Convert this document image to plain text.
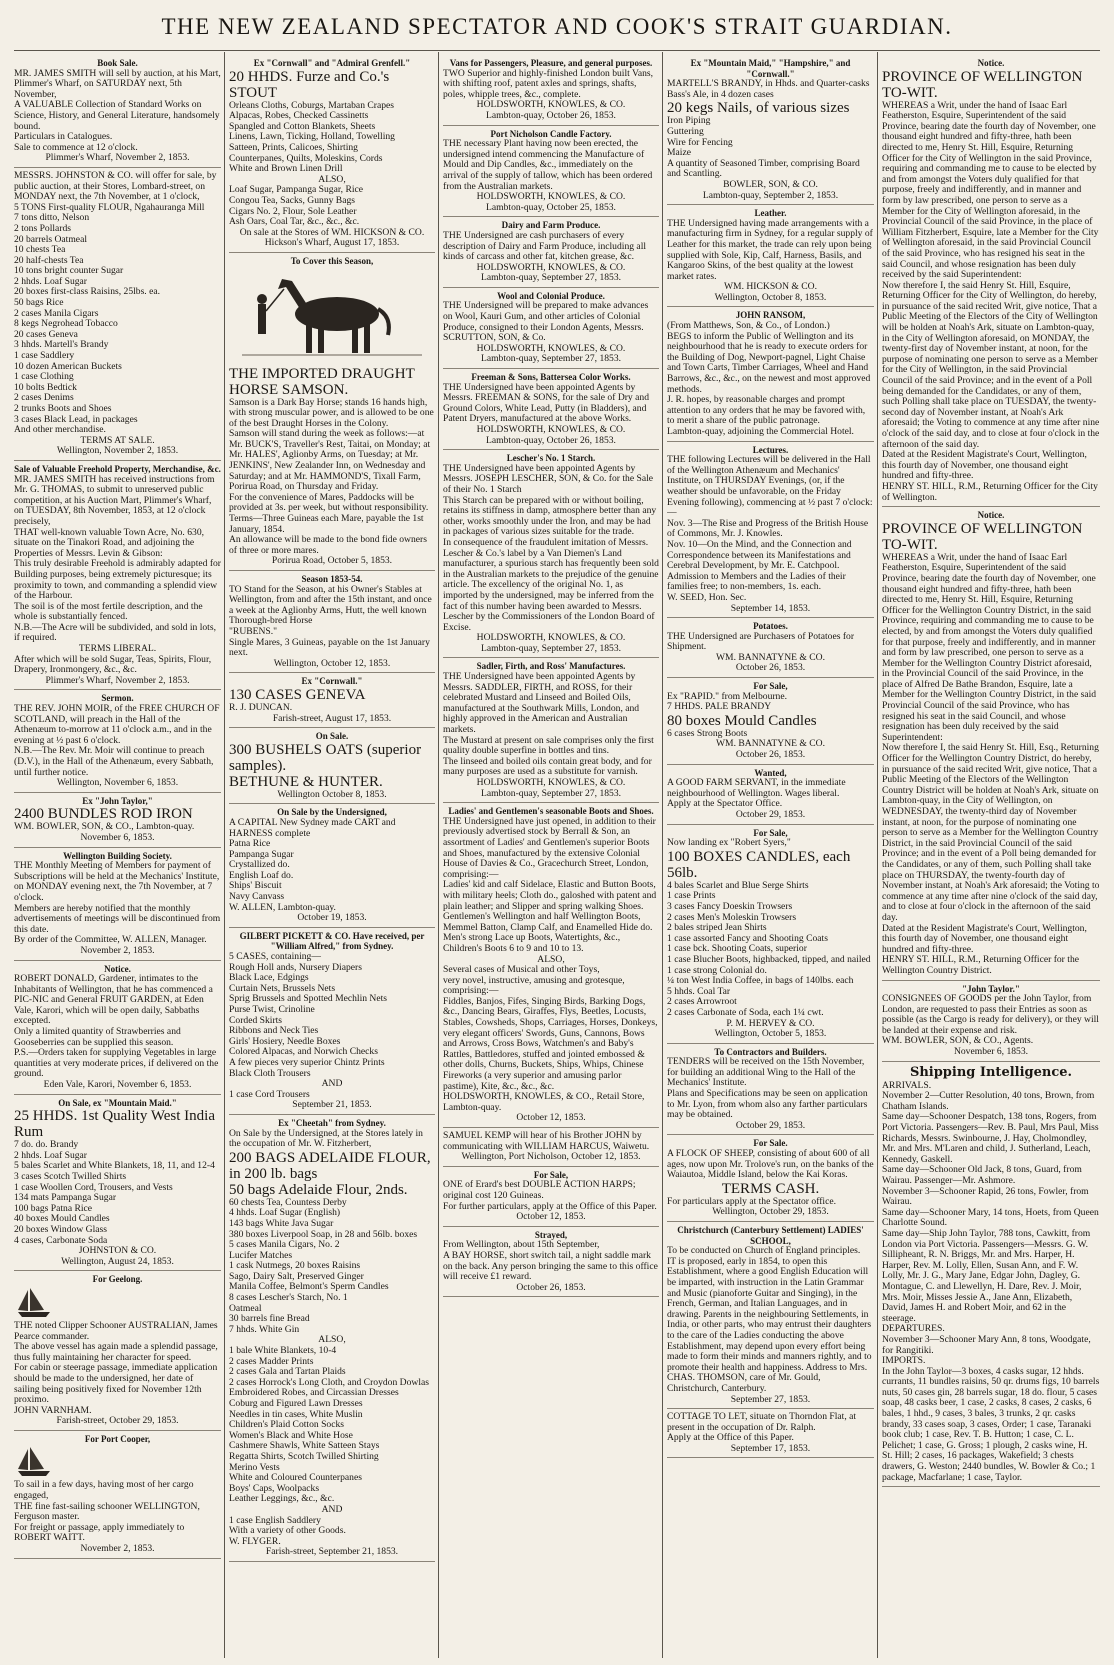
THE NEW ZEALAND SPECTATOR AND COOK'S STRAIT GUARDIAN.
Book Sale.

MR. JAMES SMITH will sell by auction, at his Mart, Plimmer's Wharf, on SATURDAY next, 5th November,

A VALUABLE Collection of Standard Works on Science, History, and General Literature, handsomely bound.

Particulars in Catalogues.

Sale to commence at 12 o'clock.

Plimmer's Wharf, November 2, 1853.

MESSRS. JOHNSTON & CO. will offer for sale, by public auction, at their Stores, Lombard-street, on MONDAY next, the 7th November, at 1 o'clock,

5 TONS First-quality FLOUR, Ngahauranga Mill

7 tons ditto, Nelson

2 tons Pollards

20 barrels Oatmeal

10 chests Tea

20 half-chests Tea

10 tons bright counter Sugar

2 hhds. Loaf Sugar

20 boxes first-class Raisins, 25lbs. ea.

50 bags Rice

2 cases Manila Cigars

8 kegs Negrohead Tobacco

20 cases Geneva

3 hhds. Martell's Brandy

1 case Saddlery

10 dozen American Buckets

1 case Clothing

10 bolts Bedtick

2 cases Denims

2 trunks Boots and Shoes

3 cases Black Lead, in packages

And other merchandise.

TERMS AT SALE.

Wellington, November 2, 1853.

Sale of Valuable Freehold Property, Merchandise, &c.

MR. JAMES SMITH has received instructions from Mr. G. THOMAS, to submit to unreserved public competition, at his Auction Mart, Plimmer's Wharf, on TUESDAY, 8th November, 1853, at 12 o'clock precisely,

THAT well-known valuable Town Acre, No. 630, situate on the Tinakori Road, and adjoining the Properties of Messrs. Levin & Gibson:

This truly desirable Freehold is admirably adapted for Building purposes, being extremely picturesque; its proximity to town, and commanding a splendid view of the Harbour.

The soil is of the most fertile description, and the whole is substantially fenced.

N.B.—The Acre will be subdivided, and sold in lots, if required.

TERMS LIBERAL.

After which will be sold Sugar, Teas, Spirits, Flour, Drapery, Ironmongery, &c., &c.

Plimmer's Wharf, November 2, 1853.

Sermon.

THE REV. JOHN MOIR, of the FREE CHURCH OF SCOTLAND, will preach in the Hall of the Athenæum to-morrow at 11 o'clock a.m., and in the evening at ½ past 6 o'clock.

N.B.—The Rev. Mr. Moir will continue to preach (D.V.), in the Hall of the Athenæum, every Sabbath, until further notice.

Wellington, November 6, 1853.

Ex "John Taylor,"

2400 BUNDLES ROD IRON

WM. BOWLER, SON, & CO., Lambton-quay.

November 6, 1853.

Wellington Building Society.

THE Monthly Meeting of Members for payment of Subscriptions will be held at the Mechanics' Institute, on MONDAY evening next, the 7th November, at 7 o'clock.

Members are hereby notified that the monthly advertisements of meetings will be discontinued from this date.

By order of the Committee, W. ALLEN, Manager.

November 2, 1853.

Notice.

ROBERT DONALD, Gardener, intimates to the Inhabitants of Wellington, that he has commenced a PIC-NIC and General FRUIT GARDEN, at Eden Vale, Karori, which will be open daily, Sabbaths excepted.

Only a limited quantity of Strawberries and Gooseberries can be supplied this season.

P.S.—Orders taken for supplying Vegetables in large quantities at very moderate prices, if delivered on the ground.

Eden Vale, Karori, November 6, 1853.

On Sale, ex "Mountain Maid."

25 HHDS. 1st Quality West India Rum

7 do. do. Brandy

2 hhds. Loaf Sugar

5 bales Scarlet and White Blankets, 18, 11, and 12-4

3 cases Scotch Twilled Shirts

1 case Woollen Cord, Trousers, and Vests

134 mats Pampanga Sugar

100 bags Patna Rice

40 boxes Mould Candles

20 boxes Window Glass

4 cases, Carbonate Soda

JOHNSTON & CO.

Wellington, August 24, 1853.

For Geelong.

THE noted Clipper Schooner AUSTRALIAN, James Pearce commander.

The above vessel has again made a splendid passage, thus fully maintaining her character for speed.

For cabin or steerage passage, immediate application should be made to the undersigned, her date of sailing being positively fixed for November 12th proximo.

JOHN VARNHAM.

Farish-street, October 29, 1853.

For Port Cooper,

To sail in a few days, having most of her cargo engaged,

THE fine fast-sailing schooner WELLINGTON, Ferguson master.

For freight or passage, apply immediately to ROBERT WAITT.

November 2, 1853.

Ex "Cornwall" and "Admiral Grenfell."

20 HHDS. Furze and Co.'s STOUT

Orleans Cloths, Coburgs, Martaban Crapes

Alpacas, Robes, Checked Cassinetts

Spangled and Cotton Blankets, Sheets

Linens, Lawn, Ticking, Holland, Towelling

Satteen, Prints, Calicoes, Shirting

Counterpanes, Quilts, Moleskins, Cords

White and Brown Linen Drill

ALSO,

Loaf Sugar, Pampanga Sugar, Rice

Congou Tea, Sacks, Gunny Bags

Cigars No. 2, Flour, Sole Leather

Ash Oars, Coal Tar, &c., &c., &c.

On sale at the Stores of WM. HICKSON & CO.

Hickson's Wharf, August 17, 1853.

To Cover this Season,

THE IMPORTED DRAUGHT HORSE SAMSON.

Samson is a Dark Bay Horse; stands 16 hands high, with strong muscular power, and is allowed to be one of the best Draught Horses in the Colony.

Samson will stand during the week as follows:—at Mr. BUCK'S, Traveller's Rest, Taitai, on Monday; at Mr. HALES', Aglionby Arms, on Tuesday; at Mr. JENKINS', New Zealander Inn, on Wednesday and Saturday; and at Mr. HAMMOND'S, Tixall Farm, Porirua Road, on Thursday and Friday.

For the convenience of Mares, Paddocks will be provided at 3s. per week, but without responsibility.

Terms—Three Guineas each Mare, payable the 1st January, 1854.

An allowance will be made to the bond fide owners of three or more mares.

Porirua Road, October 5, 1853.

Season 1853-54.

TO Stand for the Season, at his Owner's Stables at Wellington, from and after the 15th instant, and once a week at the Aglionby Arms, Hutt, the well known Thorough-bred Horse

"RUBENS."

Single Mares, 3 Guineas, payable on the 1st January next.

Wellington, October 12, 1853.

Ex "Cornwall."

130 CASES GENEVA

R. J. DUNCAN.

Farish-street, August 17, 1853.

On Sale.

300 BUSHELS OATS (superior samples).

BETHUNE & HUNTER.

Wellington October 8, 1853.

On Sale by the Undersigned,

A CAPITAL New Sydney made CART and HARNESS complete

Patna Rice

Pampanga Sugar

Crystallized do.

English Loaf do.

Ships' Biscuit

Navy Canvass

W. ALLEN, Lambton-quay.

October 19, 1853.

GILBERT PICKETT & CO. Have received, per "William Alfred," from Sydney.

5 CASES, containing—

Rough Holl ands, Nursery Diapers

Black Lace, Edgings

Curtain Nets, Brussels Nets

Sprig Brussels and Spotted Mechlin Nets

Purse Twist, Crinoline

Corded Skirts

Ribbons and Neck Ties

Girls' Hosiery, Needle Boxes

Colored Alpacas, and Norwich Checks

A few pieces very superior Chintz Prints

Black Cloth Trousers

AND

1 case Cord Trousers

September 21, 1853.

Ex "Cheetah" from Sydney.

On Sale by the Undersigned, at the Stores lately in the occupation of Mr. W. Fitzherbert,

200 BAGS ADELAIDE FLOUR, in 200 lb. bags

50 bags Adelaide Flour, 2nds.

60 chests Tea, Countess Derby

4 hhds. Loaf Sugar (English)

143 bags White Java Sugar

380 boxes Liverpool Soap, in 28 and 56lb. boxes

5 cases Manila Cigars, No. 2

Lucifer Matches

1 cask Nutmegs, 20 boxes Raisins

Sago, Dairy Salt, Preserved Ginger

Manila Coffee, Belmont's Sperm Candles

8 cases Lescher's Starch, No. 1

Oatmeal

30 barrels fine Bread

7 hhds. White Gin

ALSO,

1 bale White Blankets, 10-4

2 cases Madder Prints

2 cases Gala and Tartan Plaids

2 cases Horrock's Long Cloth, and Croydon Dowlas

Embroidered Robes, and Circassian Dresses

Coburg and Figured Lawn Dresses

Needles in tin cases, White Muslin

Children's Plaid Cotton Socks

Women's Black and White Hose

Cashmere Shawls, White Satteen Stays

Regatta Shirts, Scotch Twilled Shirting

Merino Vests

White and Coloured Counterpanes

Boys' Caps, Woolpacks

Leather Leggings, &c., &c.

AND

1 case English Saddlery

With a variety of other Goods.

W. FLYGER.

Farish-street, September 21, 1853.

Vans for Passengers, Pleasure, and general purposes.

TWO Superior and highly-finished London built Vans, with shifting roof, patent axles and springs, shafts, poles, whipple trees, &c., complete.

HOLDSWORTH, KNOWLES, & CO.

Lambton-quay, October 26, 1853.

Port Nicholson Candle Factory.

THE necessary Plant having now been erected, the undersigned intend commencing the Manufacture of Mould and Dip Candles, &c., immediately on the arrival of the supply of tallow, which has been ordered from the Australian markets.

HOLDSWORTH, KNOWLES, & CO.

Lambton-quay, October 25, 1853.

Dairy and Farm Produce.

THE Undersigned are cash purchasers of every description of Dairy and Farm Produce, including all kinds of carcass and other fat, kitchen grease, &c.

HOLDSWORTH, KNOWLES, & CO.

Lambton-quay, September 27, 1853.

Wool and Colonial Produce.

THE Undersigned will be prepared to make advances on Wool, Kauri Gum, and other articles of Colonial Produce, consigned to their London Agents, Messrs. SCRUTTON, SON, & Co.

HOLDSWORTH, KNOWLES, & CO.

Lambton-quay, September 27, 1853.

Freeman & Sons, Battersea Color Works.

THE Undersigned have been appointed Agents by Messrs. FREEMAN & SONS, for the sale of Dry and Ground Colors, White Lead, Putty (in Bladders), and Patent Dryers, manufactured at the above Works.

HOLDSWORTH, KNOWLES, & CO.

Lambton-quay, October 26, 1853.

Lescher's No. 1 Starch.

THE Undersigned have been appointed Agents by Messrs. JOSEPH LESCHER, SON, & Co. for the Sale of their No. 1 Starch

This Starch can be prepared with or without boiling, retains its stiffness in damp, atmosphere better than any other, works smoothly under the Iron, and may be had in packages of various sizes suitable for the trade.

In consequence of the fraudulent imitation of Messrs. Lescher & Co.'s label by a Van Diemen's Land manufacturer, a spurious starch has frequently been sold in the Australian markets to the prejudice of the genuine article. The excellency of the original No. 1, as imported by the undersigned, may be inferred from the fact of this number having been awarded to Messrs. Lescher by the Commissioners of the London Board of Excise.

HOLDSWORTH, KNOWLES, & CO.

Lambton-quay, September 27, 1853.

Sadler, Firth, and Ross' Manufactures.

THE Undersigned have been appointed Agents by Messrs. SADDLER, FIRTH, and ROSS, for their celebrated Mustard and Linseed and Boiled Oils, manufactured at the Southwark Mills, London, and highly approved in the American and Australian markets.

The Mustard at present on sale comprises only the first quality double superfine in bottles and tins.

The linseed and boiled oils contain great body, and for many purposes are used as a substitute for varnish.

HOLDSWORTH, KNOWLES, & CO.

Lambton-quay, September 27, 1853.

Ladies' and Gentlemen's seasonable Boots and Shoes.

THE Undersigned have just opened, in addition to their previously advertised stock by Berrall & Son, an assortment of Ladies' and Gentlemen's superior Boots and Shoes, manufactured by the extensive Colonial House of Davies & Co., Gracechurch Street, London, comprising:—

Ladies' kid and calf Sidelace, Elastic and Button Boots, with military heels; Cloth do., galoshed with patent and plain leather; and Slipper and spring walking Shoes.

Gentlemen's Wellington and half Wellington Boots, Memmel Batton, Clamp Calf, and Enamelled Hide do.

Men's strong Lace up Boots, Watertights, &c., Children's Boots 6 to 9 and 10 to 13.

ALSO,

Several cases of Musical and other Toys,

very novel, instructive, amusing and grotesque, comprising:—

Fiddles, Banjos, Fifes, Singing Birds, Barking Dogs, &c., Dancing Bears, Giraffes, Flys, Beetles, Locusts, Stables, Cowsheds, Shops, Carriages, Horses, Donkeys, very elegant officers' Swords, Guns, Cannons, Bows and Arrows, Cross Bows, Watchmen's and Baby's Rattles, Battledores, stuffed and jointed embossed & other dolls, Churns, Buckets, Ships, Whips, Chinese Fireworks (a very superior and amusing parlor pastime), Kite, &c., &c., &c.

HOLDSWORTH, KNOWLES, & CO., Retail Store, Lambton-quay.

October 12, 1853.

SAMUEL KEMP will hear of his Brother JOHN by communicating with WILLIAM HARCUS, Waiwetu.

Wellington, Port Nicholson, October 12, 1853.

For Sale,

ONE of Erard's best DOUBLE ACTION HARPS; original cost 120 Guineas.

For further particulars, apply at the Office of this Paper.

October 12, 1853.

Strayed,

From Wellington, about 15th September,

A BAY HORSE, short switch tail, a night saddle mark on the back. Any person bringing the same to this office will receive £1 reward.

October 26, 1853.

Ex "Mountain Maid," "Hampshire," and "Cornwall."

MARTELL'S BRANDY, in Hhds. and Quarter-casks

Bass's Ale, in 4 dozen cases

20 kegs Nails, of various sizes

Iron Piping

Guttering

Wire for Fencing

Maize

A quantity of Seasoned Timber, comprising Board and Scantling.

BOWLER, SON, & CO.

Lambton-quay, September 2, 1853.

Leather.

THE Undersigned having made arrangements with a manufacturing firm in Sydney, for a regular supply of Leather for this market, the trade can rely upon being supplied with Sole, Kip, Calf, Harness, Basils, and Kangaroo Skins, of the best quality at the lowest market rates.

WM. HICKSON & CO.

Wellington, October 8, 1853.

JOHN RANSOM,

(From Matthews, Son, & Co., of London.)

BEGS to inform the Public of Wellington and its neighbourhood that he is ready to execute orders for the Building of Dog, Newport-pagnel, Light Chaise and Town Carts, Timber Carriages, Wheel and Hand Barrows, &c., &c., on the newest and most approved methods.

J. R. hopes, by reasonable charges and prompt attention to any orders that he may be favored with, to merit a share of the public patronage.

Lambton-quay, adjoining the Commercial Hotel.

Lectures.

THE following Lectures will be delivered in the Hall of the Wellington Athenæum and Mechanics' Institute, on THURSDAY Evenings, (or, if the weather should be unfavorable, on the Friday Evening following), commencing at ½ past 7 o'clock:—

Nov. 3—The Rise and Progress of the British House of Commons, Mr. J. Knowles.

Nov. 10—On the Mind, and the Connection and Correspondence between its Manifestations and Cerebral Development, by Mr. E. Catchpool.

Admission to Members and the Ladies of their families free; to non-members, 1s. each.

W. SEED, Hon. Sec.

September 14, 1853.

Potatoes.

THE Undersigned are Purchasers of Potatoes for Shipment.

WM. BANNATYNE & CO.

October 26, 1853.

For Sale,

Ex "RAPID." from Melbourne.

7 HHDS. PALE BRANDY

80 boxes Mould Candles

6 cases Strong Boots

WM. BANNATYNE & CO.

October 26, 1853.

Wanted,

A GOOD FARM SERVANT, in the immediate neighbourhood of Wellington. Wages liberal.

Apply at the Spectator Office.

October 29, 1853.

For Sale,

Now landing ex "Robert Syers,"

100 BOXES CANDLES, each 56lb.

4 bales Scarlet and Blue Serge Shirts

1 case Prints

3 cases Fancy Doeskin Trowsers

2 cases Men's Moleskin Trowsers

2 bales striped Jean Shirts

1 case assorted Fancy and Shooting Coats

1 case bck. Shooting Coats, superior

1 case Blucher Boots, highbacked, tipped, and nailed

1 case strong Colonial do.

¼ ton West India Coffee, in bags of 140lbs. each

5 hhds. Coal Tar

2 cases Arrowroot

2 cases Carbonate of Soda, each 1¼ cwt.

P. M. HERVEY & CO.

Wellington, October 5, 1853.

To Contractors and Builders.

TENDERS will be received on the 15th November, for building an additional Wing to the Hall of the Mechanics' Institute.

Plans and Specifications may be seen on application to Mr. Lyon, from whom also any farther particulars may be obtained.

October 29, 1853.

For Sale.

A FLOCK OF SHEEP, consisting of about 600 of all ages, now upon Mr. Trolove's run, on the banks of the Waiautoa, Middle Island, below the Kai Koras.

TERMS CASH.

For particulars apply at the Spectator office.

Wellington, October 29, 1853.

Christchurch (Canterbury Settlement) LADIES' SCHOOL,

To be conducted on Church of England principles.

IT is proposed, early in 1854, to open this Establishment, where a good English Education will be imparted, with instruction in the Latin Grammar and Music (pianoforte Guitar and Singing), in the French, German, and Italian Languages, and in drawing. Parents in the neighbouring Settlements, in India, or other parts, who may entrust their daughters to the care of the Ladies conducting the above Establishment, may depend upon every effort being made to form their minds and manners rightly, and to promote their health and happiness. Address to Mrs. CHAS. THOMSON, care of Mr. Gould, Christchurch, Canterbury.

September 27, 1853.

COTTAGE TO LET, situate on Thorndon Flat, at present in the occupation of Dr. Ralph.

Apply at the Office of this Paper.

September 17, 1853.

Notice.

PROVINCE OF WELLINGTON TO-WIT.

WHEREAS a Writ, under the hand of Isaac Earl Featherston, Esquire, Superintendent of the said Province, bearing date the fourth day of November, one thousand eight hundred and fifty-three, hath been directed to me, Henry St. Hill, Esquire, Returning Officer for the City of Wellington in the said Province, requiring and commanding me to cause to be elected by and from amongst the Voters duly qualified for that purpose, freely and indifferently, and in manner and form by law prescribed, one person to serve as a Member for the City of Wellington aforesaid, in the Provincial Council of the said Province, in the place of William Fitzherbert, Esquire, late a Member for the City of Wellington aforesaid, in the said Provincial Council of the said Province, who has resigned his seat in the said Council, and whose resignation has been duly received by the said Superintendent:

Now therefore I, the said Henry St. Hill, Esquire, Returning Officer for the City of Wellington, do hereby, in pursuance of the said recited Writ, give notice, That a Public Meeting of the Electors of the City of Wellington will be holden at Noah's Ark, situate on Lambton-quay, in the City of Wellington aforesaid, on MONDAY, the twenty-first day of November instant, at noon, for the purpose of nominating one person to serve as a Member for the City of Wellington, in the said Provincial Council of the said Province; and in the event of a Poll being demanded for the Candidates, or any of them, such Polling shall take place on TUESDAY, the twenty-second day of November instant, at Noah's Ark aforesaid; the Voting to commence at any time after nine o'clock of the said day, and to close at four o'clock in the afternoon of the said day.

Dated at the Resident Magistrate's Court, Wellington, this fourth day of November, one thousand eight hundred and fifty-three.

HENRY ST. HILL, R.M., Returning Officer for the City of Wellington.

Notice.

PROVINCE OF WELLINGTON TO-WIT.

WHEREAS a Writ, under the hand of Isaac Earl Featherston, Esquire, Superintendent of the said Province, bearing date the fourth day of November, one thousand eight hundred and fifty-three, hath been directed to me, Henry St. Hill, Esquire, Returning Officer for the Wellington Country District, in the said Province, requiring and commanding me to cause to be elected, by and from amongst the Voters duly qualified for that purpose, freely and indifferently, and in manner and form by law prescribed, one person to serve as a Member for the Wellington Country District aforesaid, in the Provincial Council of the said Province, in the place of Alfred De Bathe Brandon, Esquire, late a Member for the Wellington Country District, in the said Provincial Council of the said Province, who has resigned his seat in the said Council, and whose resignation has been duly received by the said Superintendent:

Now therefore I, the said Henry St. Hill, Esq., Returning Officer for the Wellington Country District, do hereby, in pursuance of the said recited Writ, give notice, That a Public Meeting of the Electors of the Wellington Country District will be holden at Noah's Ark, situate on Lambton-quay, in the City of Wellington, on WEDNESDAY, the twenty-third day of November instant, at noon, for the purpose of nominating one person to serve as a Member for the Wellington Country District, in the said Provincial Council of the said Province; and in the event of a Poll being demanded for the Candidates, or any of them, such Polling shall take place on THURSDAY, the twenty-fourth day of November instant, at Noah's Ark aforesaid; the Voting to commence at any time after nine o'clock of the said day, and to close at four o'clock in the afternoon of the said day.

Dated at the Resident Magistrate's Court, Wellington, this fourth day of November, one thousand eight hundred and fifty-three.

HENRY ST. HILL, R.M., Returning Officer for the Wellington Country District.

"John Taylor."

CONSIGNEES OF GOODS per the John Taylor, from London, are requested to pass their Entries as soon as possible (as the Cargo is ready for delivery), or they will be landed at their expense and risk.

WM. BOWLER, SON, & CO., Agents.

November 6, 1853.

Shipping Intelligence.

ARRIVALS.

November 2—Cutter Resolution, 40 tons, Brown, from Chatham Islands.

Same day—Schooner Despatch, 138 tons, Rogers, from Port Victoria. Passengers—Rev. B. Paul, Mrs Paul, Miss Richards, Messrs. Swinbourne, J. Hay, Cholmondley, Mr. and Mrs. M'Laren and child, J. Sutherland, Leach, Kennedy, Gaskell.

Same day—Schooner Old Jack, 8 tons, Guard, from Wairau. Passenger—Mr. Ashmore.

November 3—Schooner Rapid, 26 tons, Fowler, from Wairau.

Same day—Schooner Mary, 14 tons, Hoets, from Queen Charlotte Sound.

Same day—Ship John Taylor, 788 tons, Cawkitt, from London via Port Victoria. Passengers—Messrs. G. W. Sillipheant, R. N. Briggs, Mr. and Mrs. Harper, H. Harper, Rev. M. Lolly, Ellen, Susan Ann, and F. W. Lolly, Mr. J. G., Mary Jane, Edgar John, Dagley, G. Montague, C. and Llewellyn, H. Dare, Rev. J. Moir, Mrs. Moir, Misses Jessie A., Jane Ann, Elizabeth, David, James H. and Robert Moir, and 62 in the steerage.

DEPARTURES.

November 3—Schooner Mary Ann, 8 tons, Woodgate, for Rangitiki.

IMPORTS.

In the John Taylor—3 boxes, 4 casks sugar, 12 hhds. currants, 11 bundles raisins, 50 qr. drums figs, 10 barrels nuts, 50 cases gin, 28 barrels sugar, 18 do. flour, 5 cases soap, 48 casks beer, 1 case, 2 casks, 8 cases, 2 casks, 6 bales, 1 hhd., 9 cases, 3 bales, 3 trunks, 2 qr. casks brandy, 33 cases soap, 3 cases, Order; 1 case, Taranaki book club; 1 case, Rev. T. B. Hutton; 1 case, C. L. Pelichet; 1 case, G. Gross; 1 plough, 2 casks wine, H. St. Hill; 2 cases, 16 packages, Wakefield; 3 chests drawers, G. Weston; 2440 bundles, W. Bowler & Co.; 1 package, Macfarlane; 1 case, Taylor.
